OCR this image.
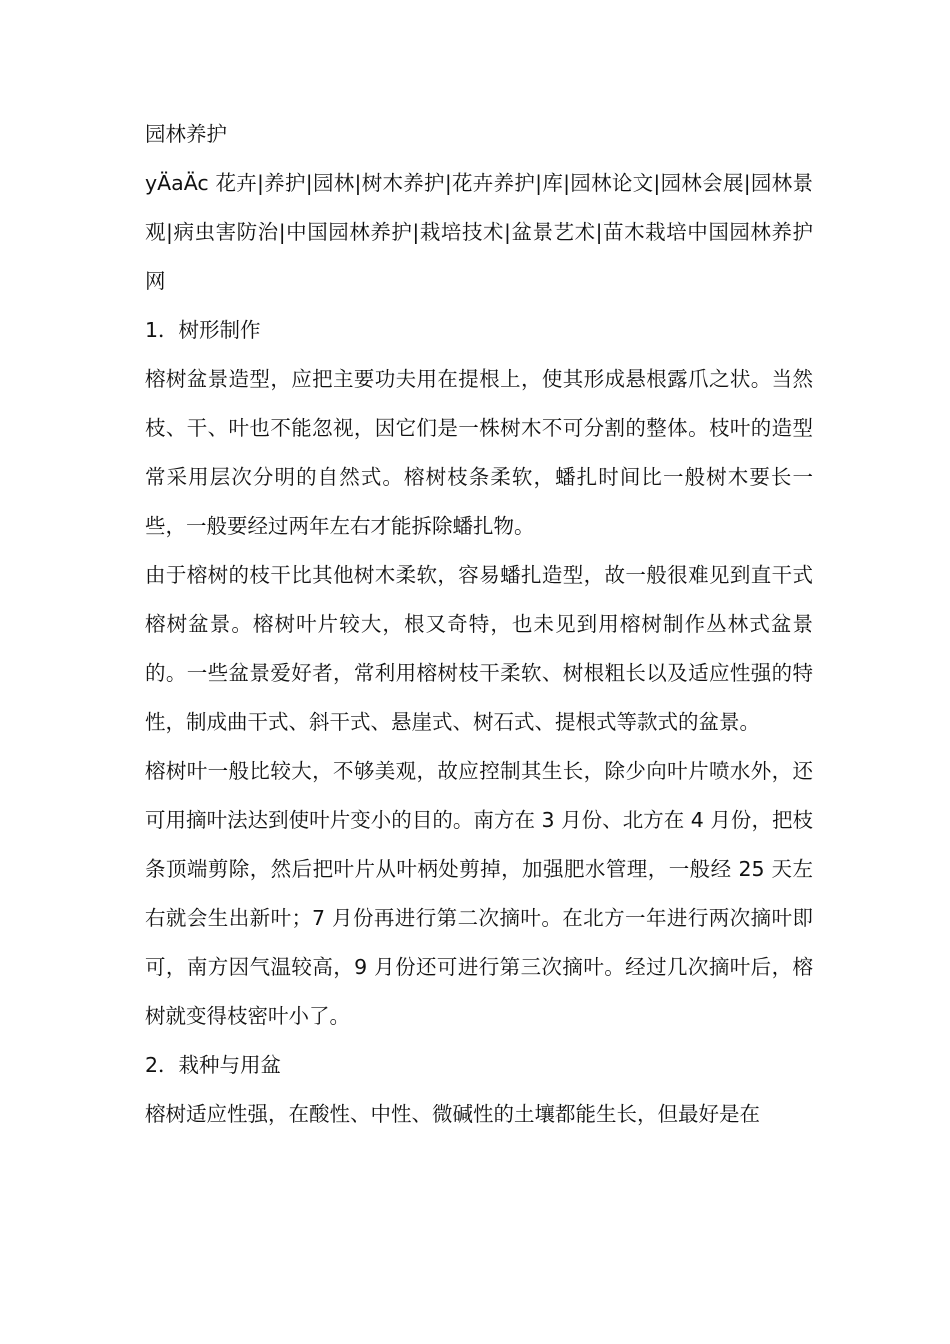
园林养护

yÄaÄc 花卉|养护|园林|树木养护|花卉养护|库|园林论文|园林会展|园林景观|病虫害防治|中国园林养护|栽培技术|盆景艺术|苗木栽培中国园林养护网

1．树形制作

榕树盆景造型，应把主要功夫用在提根上，使其形成悬根露爪之状。当然枝、干、叶也不能忽视，因它们是一株树木不可分割的整体。枝叶的造型常采用层次分明的自然式。榕树枝条柔软，蟠扎时间比一般树木要长一些，一般要经过两年左右才能拆除蟠扎物。

由于榕树的枝干比其他树木柔软，容易蟠扎造型，故一般很难见到直干式榕树盆景。榕树叶片较大，根又奇特，也未见到用榕树制作丛林式盆景的。一些盆景爱好者，常利用榕树枝干柔软、树根粗长以及适应性强的特性，制成曲干式、斜干式、悬崖式、树石式、提根式等款式的盆景。

榕树叶一般比较大，不够美观，故应控制其生长，除少向叶片喷水外，还可用摘叶法达到使叶片变小的目的。南方在 3 月份、北方在 4 月份，把枝条顶端剪除，然后把叶片从叶柄处剪掉，加强肥水管理，一般经 25 天左右就会生出新叶；7 月份再进行第二次摘叶。在北方一年进行两次摘叶即可，南方因气温较高，9 月份还可进行第三次摘叶。经过几次摘叶后，榕树就变得枝密叶小了。

2．栽种与用盆

榕树适应性强，在酸性、中性、微碱性的土壤都能生长，但最好是在
